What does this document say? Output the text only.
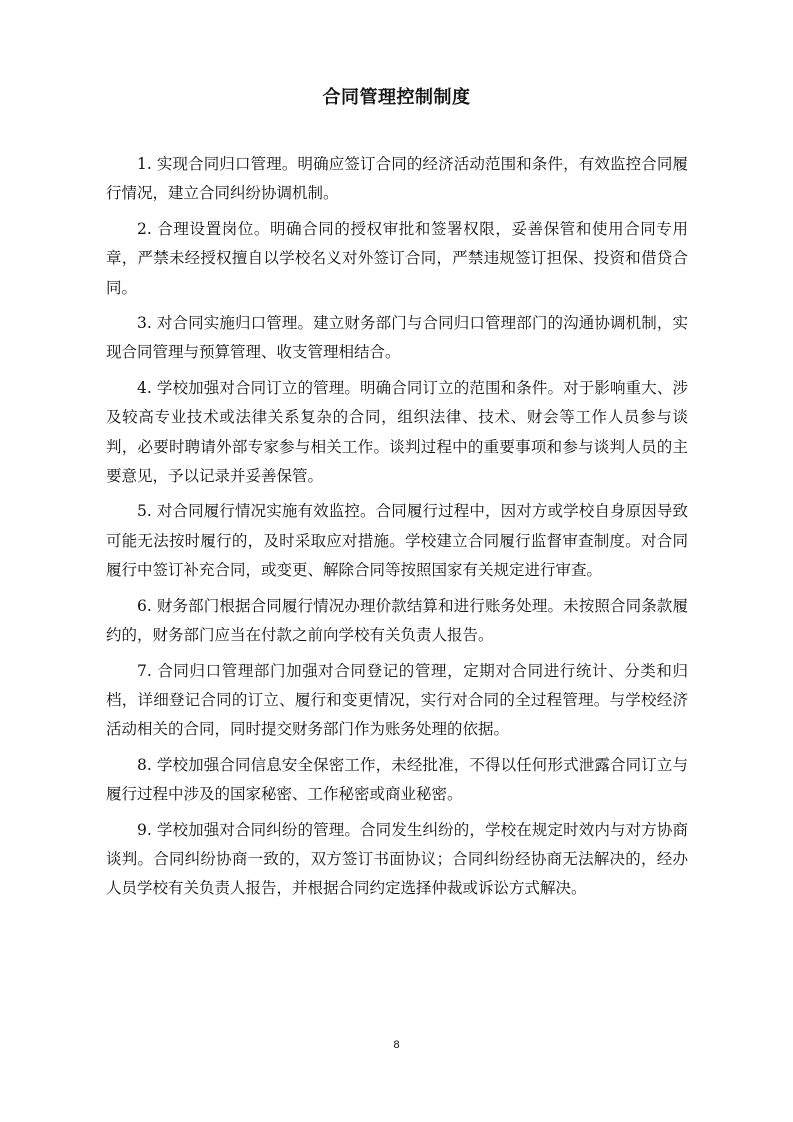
合同管理控制制度

1. 实现合同归口管理。明确应签订合同的经济活动范围和条件，有效监控合同履行情况，建立合同纠纷协调机制。

2. 合理设置岗位。明确合同的授权审批和签署权限，妥善保管和使用合同专用章，严禁未经授权擅自以学校名义对外签订合同，严禁违规签订担保、投资和借贷合同。

3. 对合同实施归口管理。建立财务部门与合同归口管理部门的沟通协调机制，实现合同管理与预算管理、收支管理相结合。

4. 学校加强对合同订立的管理。明确合同订立的范围和条件。对于影响重大、涉及较高专业技术或法律关系复杂的合同，组织法律、技术、财会等工作人员参与谈判，必要时聘请外部专家参与相关工作。谈判过程中的重要事项和参与谈判人员的主要意见，予以记录并妥善保管。

5. 对合同履行情况实施有效监控。合同履行过程中，因对方或学校自身原因导致可能无法按时履行的，及时采取应对措施。学校建立合同履行监督审查制度。对合同履行中签订补充合同，或变更、解除合同等按照国家有关规定进行审查。

6. 财务部门根据合同履行情况办理价款结算和进行账务处理。未按照合同条款履约的，财务部门应当在付款之前向学校有关负责人报告。

7. 合同归口管理部门加强对合同登记的管理，定期对合同进行统计、分类和归档，详细登记合同的订立、履行和变更情况，实行对合同的全过程管理。与学校经济活动相关的合同，同时提交财务部门作为账务处理的依据。

8. 学校加强合同信息安全保密工作，未经批准，不得以任何形式泄露合同订立与履行过程中涉及的国家秘密、工作秘密或商业秘密。

9. 学校加强对合同纠纷的管理。合同发生纠纷的，学校在规定时效内与对方协商谈判。合同纠纷协商一致的，双方签订书面协议；合同纠纷经协商无法解决的，经办人员学校有关负责人报告，并根据合同约定选择仲裁或诉讼方式解决。

8
